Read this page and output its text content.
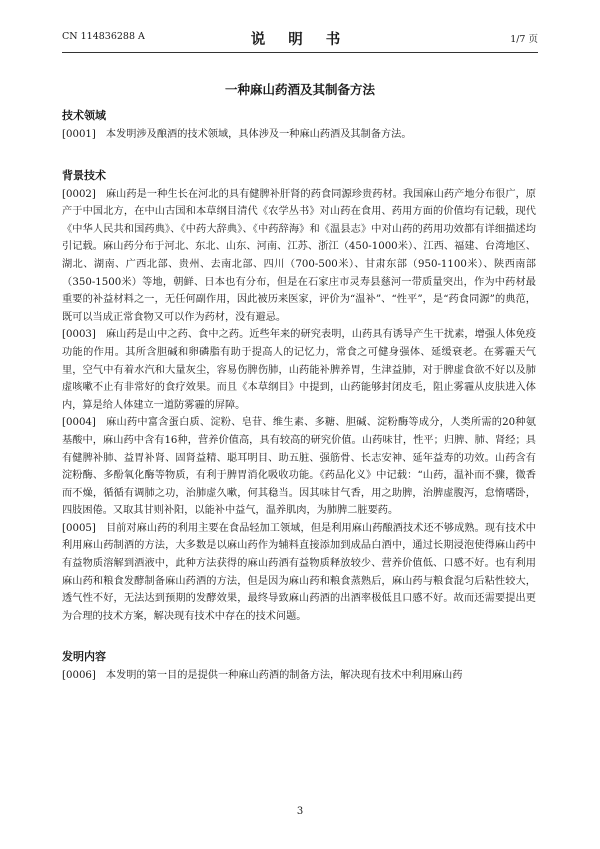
CN 114836288 A	说 明 书	1/7 页
一种麻山药酒及其制备方法
技术领域

[0001] 本发明涉及酿酒的技术领域，具体涉及一种麻山药酒及其制备方法。

背景技术

[0002] 麻山药是一种生长在河北的具有健脾补肝肾的药食同源珍贵药材。我国麻山药产地分布很广，原产于中国北方，在中山古国和本草纲目清代《农学丛书》对山药在食用、药用方面的价值均有记载，现代《中华人民共和国药典》、《中药大辞典》、《中药辞海》和《温县志》中对山药的药用功效都有详细描述均引记载。麻山药分布于河北、东北、山东、河南、江苏、浙江（450-1000米）、江西、福建、台湾地区、湖北、湖南、广西北部、贵州、去南北部、四川（700-500米）、甘肃东部（950-1100米）、陕西南部（350-1500米）等地，朝鲜、日本也有分布，但是在石家庄市灵寿县慈河一带质量突出，作为中药材最重要的补益材料之一，无任何副作用，因此被历来医家，评价为“温补”、“性平”，是“药食同源”的典范，既可以当成正常食物又可以作为药材，没有避忌。

[0003] 麻山药是山中之药、食中之药。近些年来的研究表明，山药具有诱导产生干扰素，增强人体免疫功能的作用。其所含胆碱和卵磷脂有助于提高人的记忆力，常食之可健身强体、延缓衰老。在雾霾天气里，空气中有着水汽和大量灰尘，容易伤脾伤肺，山药能补脾养胃，生津益肺，对于脾虚食欲不好以及肺虚咳嗽不止有非常好的食疗效果。而且《本草纲目》中提到，山药能够封闭皮毛，阻止雾霾从皮肤进入体内，算是给人体建立一道防雾霾的屏障。

[0004] 麻山药中富含蛋白质、淀粉、皂苷、维生素、多糖、胆碱、淀粉酶等成分，人类所需的20种氨基酸中，麻山药中含有16种，营养价值高，具有较高的研究价值。山药味甘，性平；归脾、肺、肾经；具有健脾补肺、益胃补肾、固肾益精、聪耳明目、助五脏、强筋骨、长志安神、延年益寿的功效。山药含有淀粉酶、多酚氧化酶等物质，有利于脾胃消化吸收功能。《药品化义》中记载：“山药，温补而不骤，微香而不燥，循循有调肺之功，治肺虚久嗽，何其稳当。因其味甘气香，用之助脾，治脾虚腹泻，怠惰嗜卧，四肢困倦。又取其甘则补阳，以能补中益气，温养肌肉，为肺脾二脏要药。

[0005] 目前对麻山药的利用主要在食品轻加工领域，但是利用麻山药酿酒技术还不够成熟。现有技术中利用麻山药制酒的方法，大多数是以麻山药作为辅料直接添加到成品白酒中，通过长期浸泡使得麻山药中有益物质溶解到酒液中，此种方法获得的麻山药酒有益物质释放较少、营养价值低、口感不好。也有利用麻山药和粮食发酵制备麻山药酒的方法，但是因为麻山药和粮食蒸熟后，麻山药与粮食混匀后粘性较大，透气性不好，无法达到预期的发酵效果，最终导致麻山药酒的出酒率极低且口感不好。故而还需要提出更为合理的技术方案，解决现有技术中存在的技术问题。

发明内容

[0006] 本发明的第一目的是提供一种麻山药酒的制备方法，解决现有技术中利用麻山药

3
